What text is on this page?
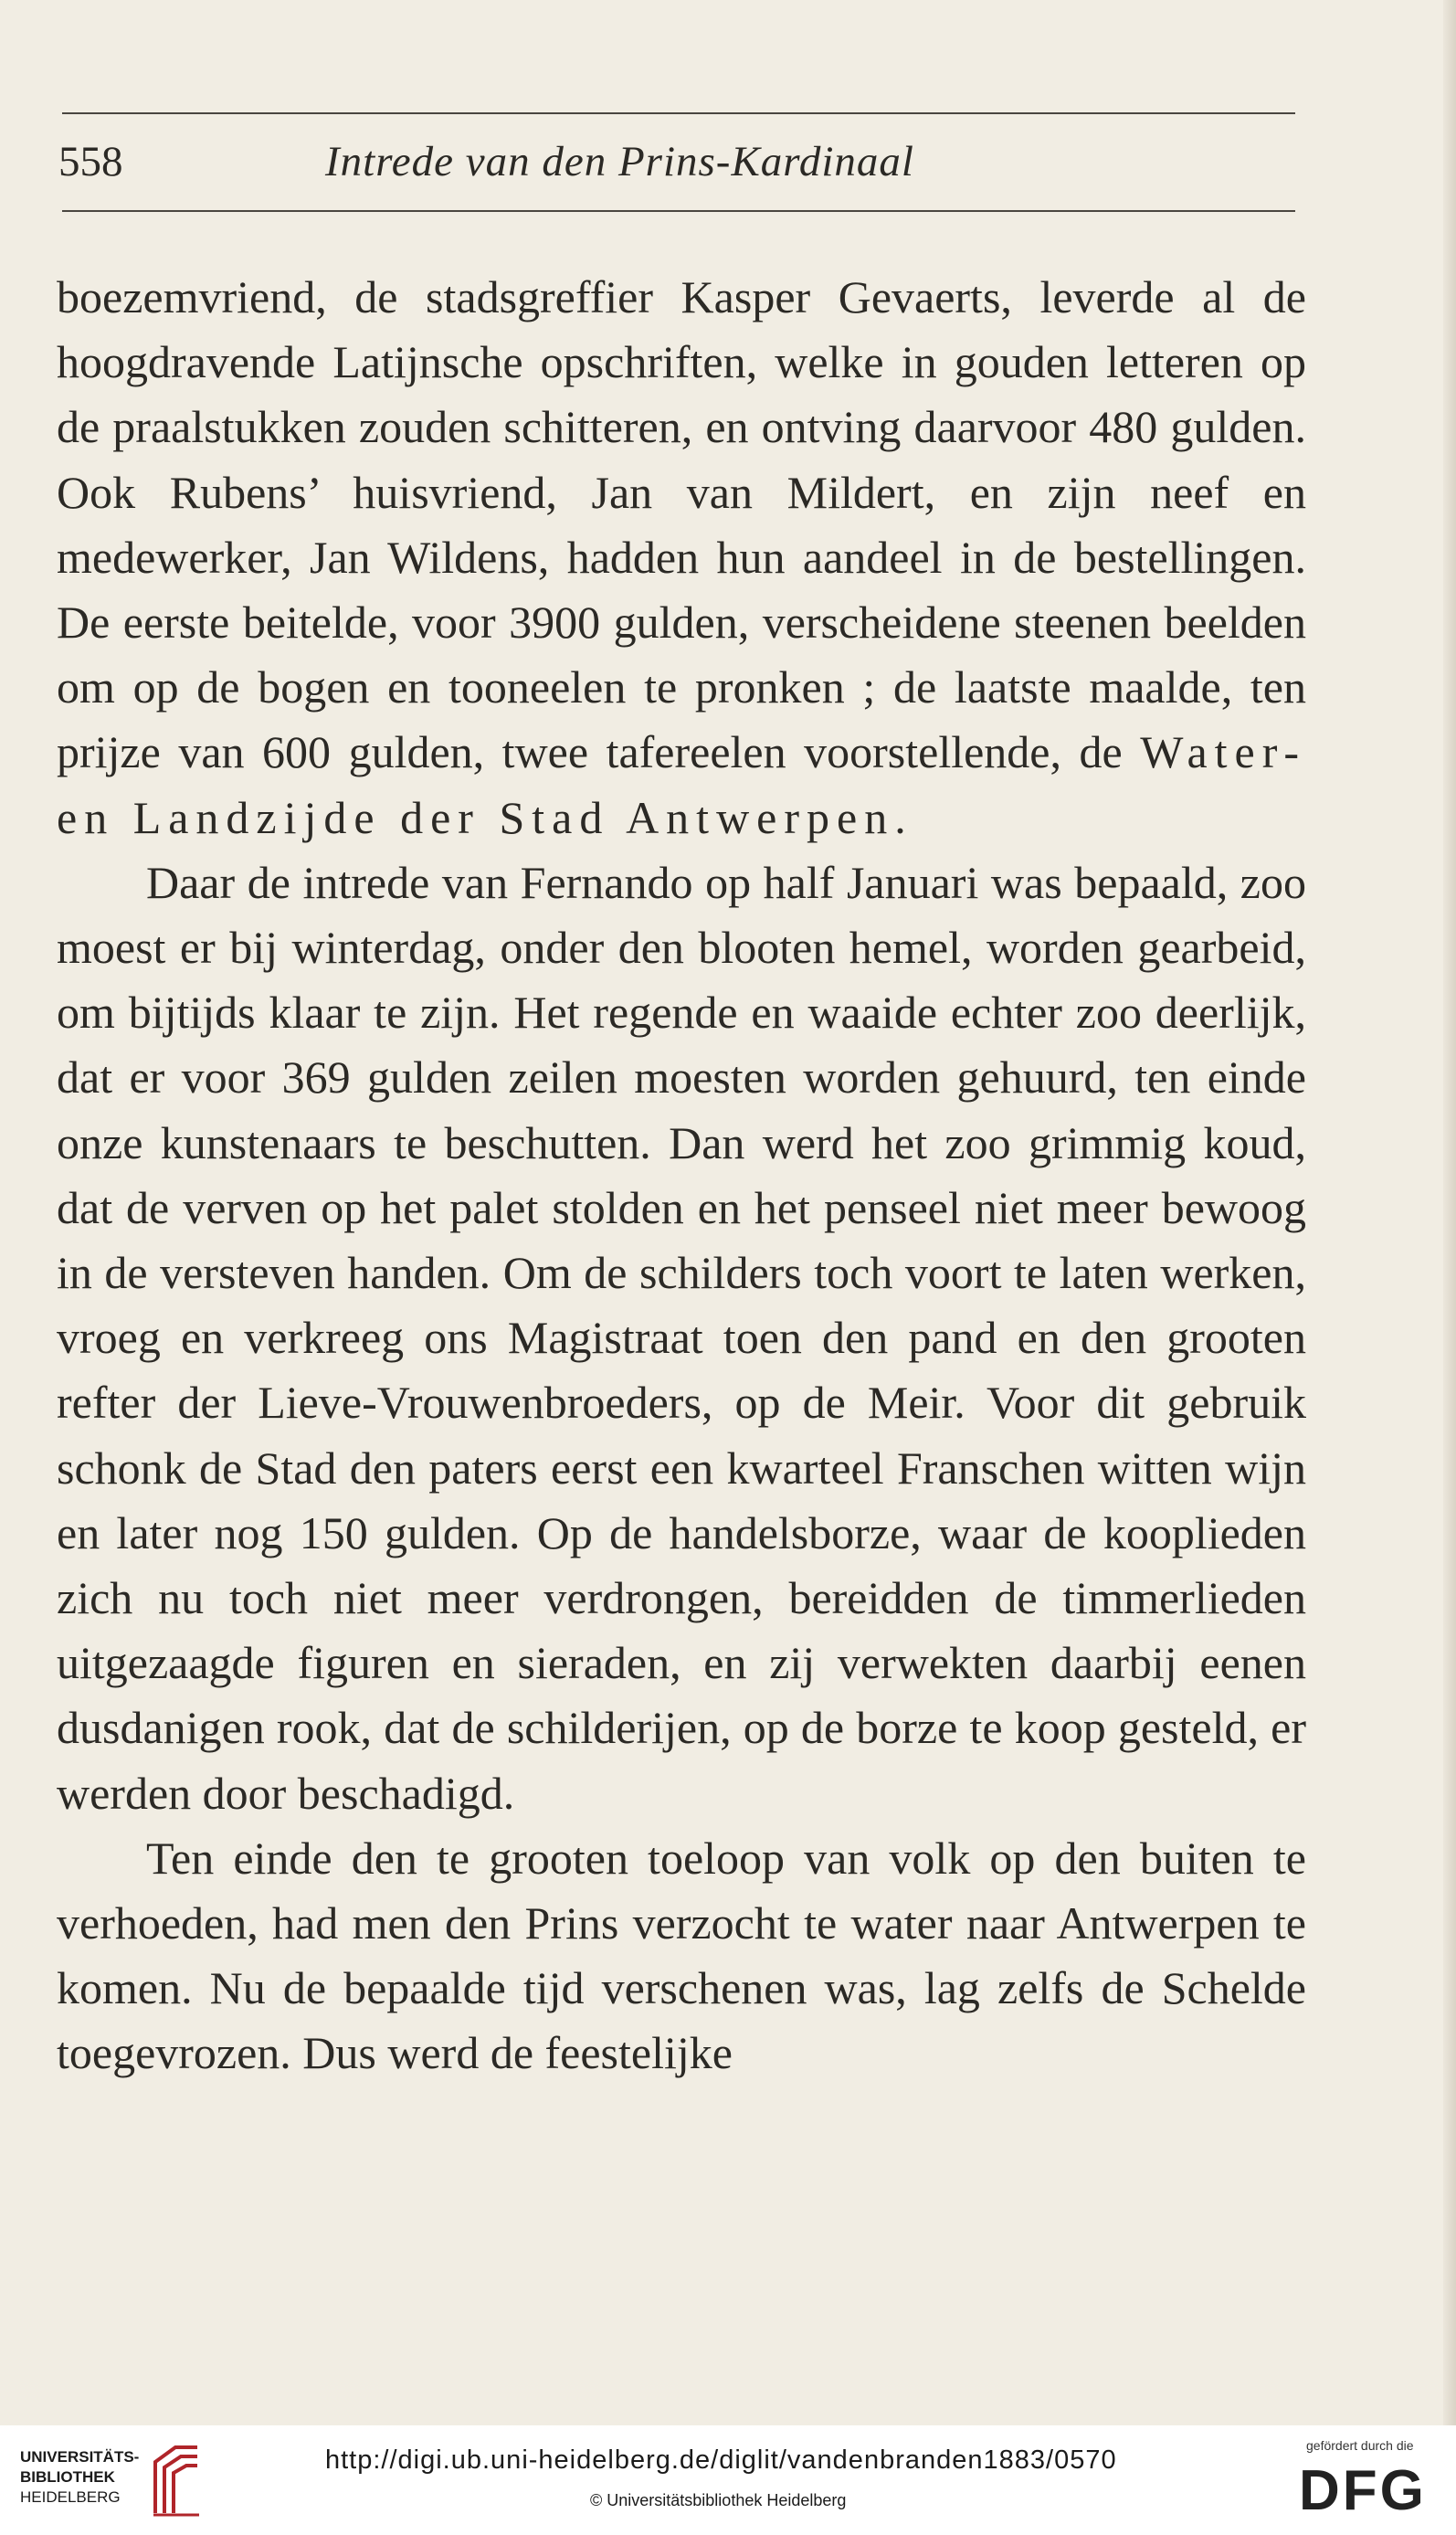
558	Intrede van den Prins-Kardinaal

boezemvriend, de stadsgreffier Kasper Gevaerts, leverde al de hoogdravende Latijnsche opschriften, welke in gouden letteren op de praalstukken zouden schitteren, en ontving daarvoor 480 gulden. Ook Rubens’ huisvriend, Jan van Mildert, en zijn neef en medewerker, Jan Wildens, hadden hun aandeel in de bestellingen. De eerste beitelde, voor 3900 gulden, verscheidene steenen beelden om op de bogen en tooneelen te pronken ; de laatste maalde, ten prijze van 600 gulden, twee tafereelen voorstellende, de Water- en Landzijde der Stad Antwerpen.

Daar de intrede van Fernando op half Januari was bepaald, zoo moest er bij winterdag, onder den blooten hemel, worden gearbeid, om bijtijds klaar te zijn. Het regende en waaide echter zoo deerlijk, dat er voor 369 gulden zeilen moesten worden gehuurd, ten einde onze kunstenaars te beschutten. Dan werd het zoo grimmig koud, dat de verven op het palet stolden en het penseel niet meer bewoog in de versteven handen. Om de schilders toch voort te laten werken, vroeg en verkreeg ons Magistraat toen den pand en den grooten refter der Lieve-Vrouwenbroeders, op de Meir. Voor dit gebruik schonk de Stad den paters eerst een kwarteel Franschen witten wijn en later nog 150 gulden. Op de handelsborze, waar de kooplieden zich nu toch niet meer verdrongen, bereidden de timmerlieden uitgezaagde figuren en sieraden, en zij verwekten daarbij eenen dusdanigen rook, dat de schilderijen, op de borze te koop gesteld, er werden door beschadigd.

Ten einde den te grooten toeloop van volk op den buiten te verhoeden, had men den Prins verzocht te water naar Antwerpen te komen. Nu de bepaalde tijd verschenen was, lag zelfs de Schelde toegevrozen. Dus werd de feestelijke

UNIVERSITÄTS-
BIBLIOTHEK
HEIDELBERG
http://digi.ub.uni-heidelberg.de/diglit/vandenbranden1883/0570
© Universitätsbibliothek Heidelberg
gefördert durch die
DFG
